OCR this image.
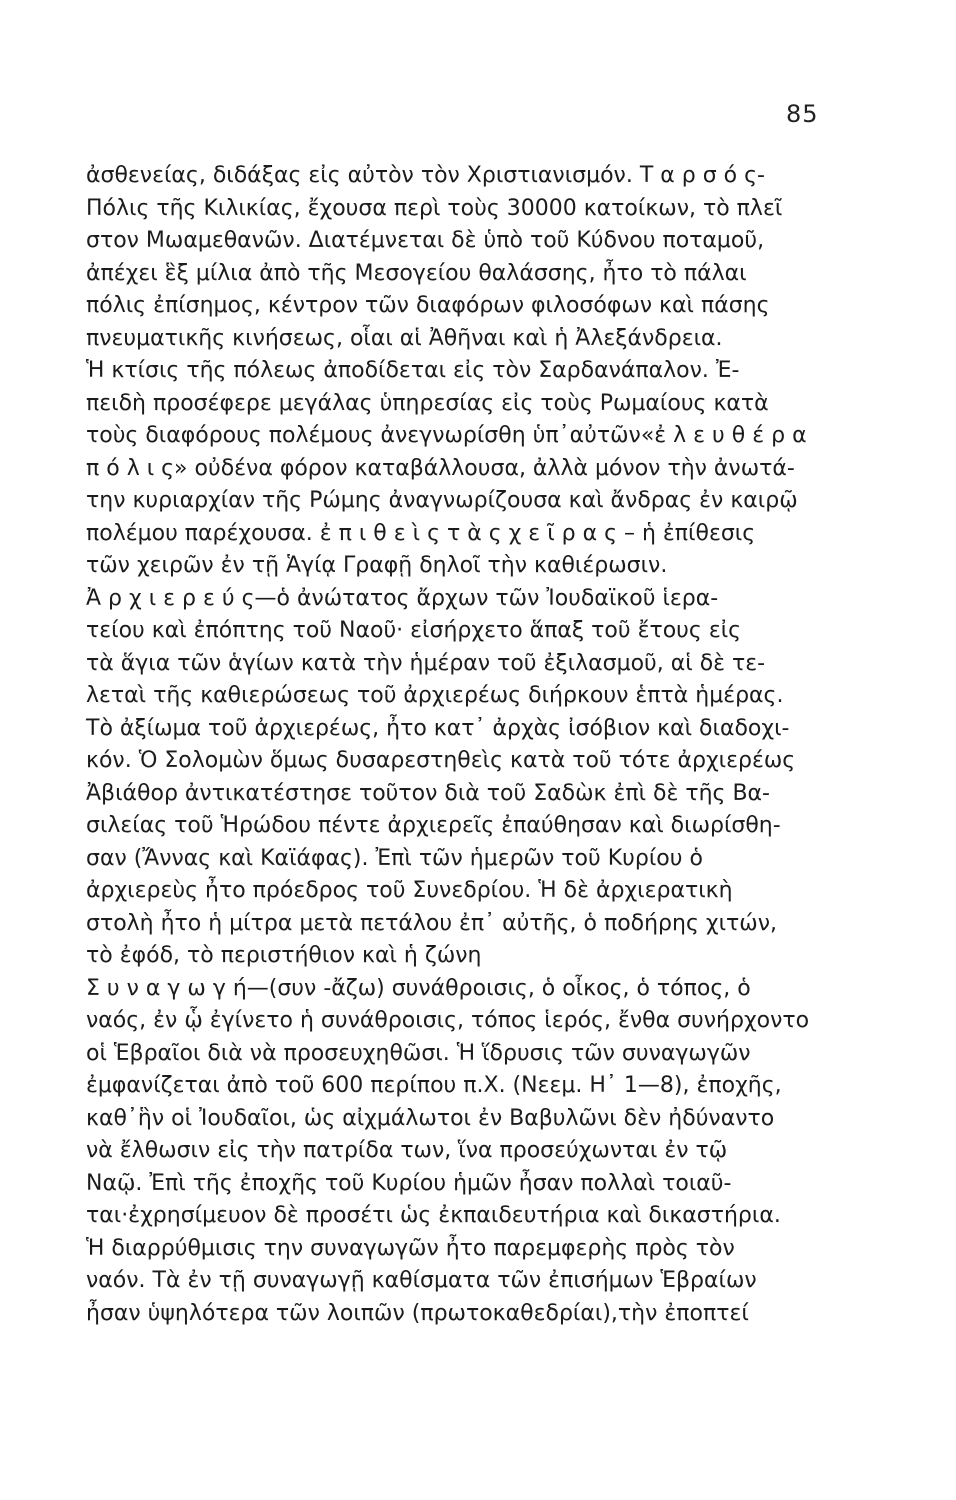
85
ἀσθενείας, διδάξας εἰς αὐτὸν τὸν Χριστιανισμόν. Τ α ρ σ ό ς-
Πόλις τῆς Κιλικίας, ἔχουσα περὶ τοὺς 30000 κατοίκων, τὸ πλεῖ
στον Μωαμεθανῶν. Διατέμνεται δὲ ὑπὸ τοῦ Κύδνου ποταμοῦ,
ἀπέχει ἓξ μίλια ἀπὸ τῆς Μεσογείου θαλάσσης, ἦτο τὸ πάλαι
πόλις ἐπίσημος, κέντρον τῶν διαφόρων φιλοσόφων καὶ πάσης
πνευματικῆς κινήσεως, οἷαι αἱ Ἀθῆναι καὶ ἡ Ἀλεξάνδρεια.
Ἡ κτίσις τῆς πόλεως ἀποδίδεται εἰς τὸν Σαρδανάπαλον. Ἐ-
πειδὴ προσέφερε μεγάλας ὑπηρεσίας εἰς τοὺς Ρωμαίους κατὰ
τοὺς διαφόρους πολέμους ἀνεγνωρίσθη ὑπ᾽αὐτῶν«ἐ λ ε υ θ έ ρ α
π ό λ ι ς» οὐδένα φόρον καταβάλλουσα, ἀλλὰ μόνον τὴν ἀνωτά-
την κυριαρχίαν τῆς Ρώμης ἀναγνωρίζουσα καὶ ἄνδρας ἐν καιρῷ
πολέμου παρέχουσα. ἐ π ι θ ε ὶ ς τ ὰ ς χ ε ῖ ρ α ς – ἡ ἐπίθεσις
τῶν χειρῶν ἐν τῇ Ἁγίᾳ Γραφῇ δηλοῖ τὴν καθιέρωσιν.
Ἀ ρ χ ι ε ρ ε ύ ς—ὁ ἀνώτατος ἄρχων τῶν Ἰουδαϊκοῦ ἱερα-
τείου καὶ ἐπόπτης τοῦ Ναοῦ· εἰσήρχετο ἅπαξ τοῦ ἔτους εἰς
τὰ ἅγια τῶν ἁγίων κατὰ τὴν ἡμέραν τοῦ ἐξιλασμοῦ, αἱ δὲ τε-
λεταὶ τῆς καθιερώσεως τοῦ ἀρχιερέως διήρκουν ἑπτὰ ἡμέρας.
Τὸ ἀξίωμα τοῦ ἀρχιερέως, ἦτο κατ᾽ ἀρχὰς ἰσόβιον καὶ διαδοχι-
κόν. Ὁ Σολομὼν ὅμως δυσαρεστηθεὶς κατὰ τοῦ τότε ἀρχιερέως
Ἀβιάθορ ἀντικατέστησε τοῦτον διὰ τοῦ Σαδὼκ ἐπὶ δὲ τῆς Βα-
σιλείας τοῦ Ἡρώδου πέντε ἀρχιερεῖς ἐπαύθησαν καὶ διωρίσθη-
σαν (Ἄννας καὶ Καϊάφας). Ἐπὶ τῶν ἡμερῶν τοῦ Κυρίου ὁ
ἀρχιερεὺς ἦτο πρόεδρος τοῦ Συνεδρίου. Ἡ δὲ ἀρχιερατικὴ
στολὴ ἦτο ἡ μίτρα μετὰ πετάλου ἐπ᾽ αὐτῆς, ὁ ποδήρης χιτών,
τὸ ἐφόδ, τὸ περιστήθιον καὶ ἡ ζώνη
Σ υ ν α γ ω γ ή—(συν -ἄζω) συνάθροισις, ὁ οἶκος, ὁ τόπος, ὁ
ναός, ἐν ᾧ ἐγίνετο ἡ συνάθροισις, τόπος ἱερός, ἔνθα συνήρχοντο
οἱ Ἑβραῖοι διὰ νὰ προσευχηθῶσι. Ἡ ἵδρυσις τῶν συναγωγῶν
ἐμφανίζεται ἀπὸ τοῦ 600 περίπου π.Χ. (Νεεμ. Η᾽ 1—8), ἐποχῆς,
καθ᾽ἣν οἱ Ἰουδαῖοι, ὡς αἰχμάλωτοι ἐν Βαβυλῶνι δὲν ἠδύναντο
νὰ ἔλθωσιν εἰς τὴν πατρίδα των, ἵνα προσεύχωνται ἐν τῷ
Ναῷ. Ἐπὶ τῆς ἐποχῆς τοῦ Κυρίου ἡμῶν ἦσαν πολλαὶ τοιαῦ-
ται·ἐχρησίμευον δὲ προσέτι ὡς ἐκπαιδευτήρια καὶ δικαστήρια.
Ἡ διαρρύθμισις την συναγωγῶν ἦτο παρεμφερὴς πρὸς τὸν
ναόν. Τὰ ἐν τῇ συναγωγῇ καθίσματα τῶν ἐπισήμων Ἑβραίων
ἦσαν ὑψηλότερα τῶν λοιπῶν (πρωτοκαθεδρίαι),τὴν ἐποπτεί
